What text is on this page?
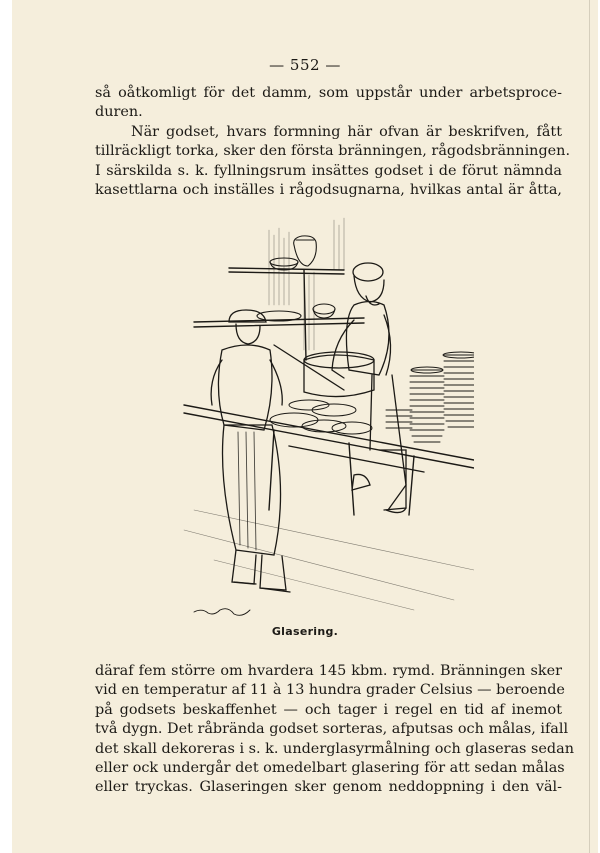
— 552 —
så oåtkomligt för det damm, som uppstår under arbetsproce-
duren.
När godset, hvars formning här ofvan är beskrifven, fått
tillräckligt torka, sker den första bränningen, rågodsbränningen.
I särskilda s. k. fyllningsrum insättes godset i de förut nämnda
kasettlarna och inställes i rågodsugnarna, hvilkas antal är åtta,
Glasering.
däraf fem större om hvardera 145 kbm. rymd. Bränningen sker
vid en temperatur af 11 à 13 hundra grader Celsius — beroende
på godsets beskaffenhet — och tager i regel en tid af inemot
två dygn. Det råbrända godset sorteras, afputsas och målas, ifall
det skall dekoreras i s. k. underglasyrmålning och glaseras sedan
eller ock undergår det omedelbart glasering för att sedan målas
eller tryckas. Glaseringen sker genom neddoppning i den väl-
